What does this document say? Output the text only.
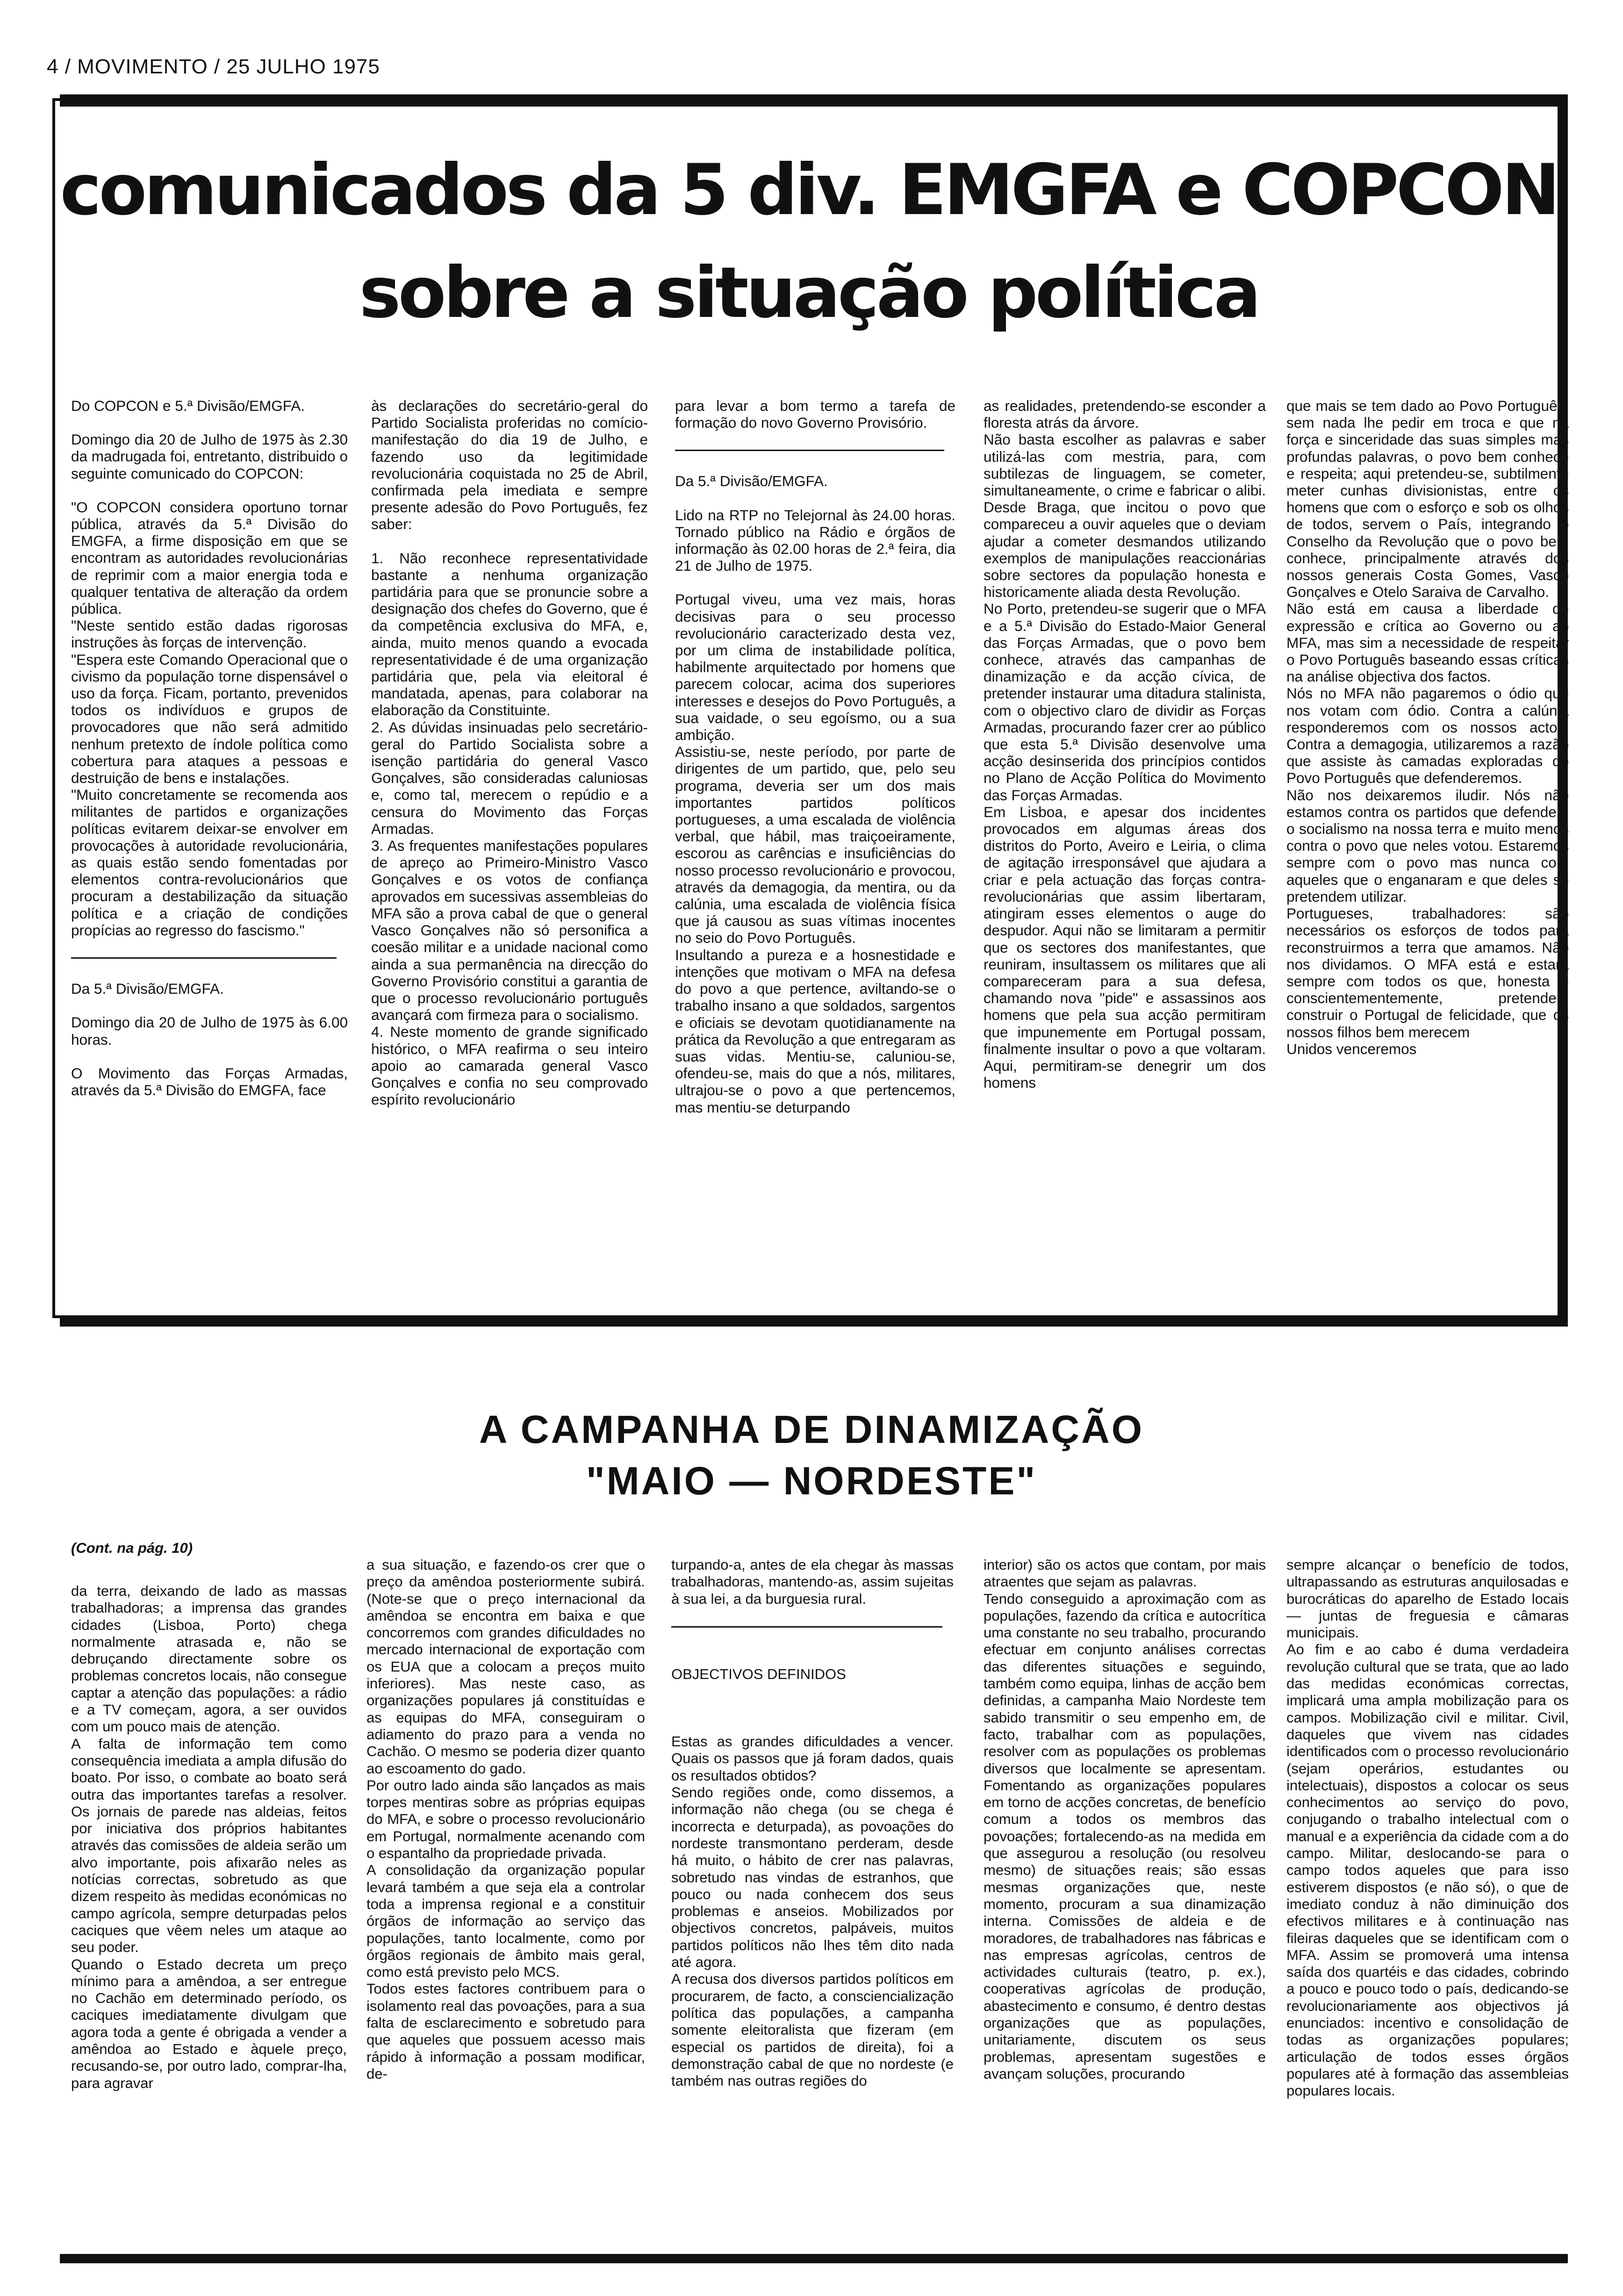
4 / MOVIMENTO / 25 JULHO 1975
comunicados da 5 div. EMGFA e COPCON
sobre a situação política

Do COPCON e 5.ª Divisão/EMGFA.

Domingo dia 20 de Julho de 1975 às 2.30 da madrugada foi, entretanto, distribuido o seguinte comunicado do COPCON:

"O COPCON considera oportuno tornar pública, através da 5.ª Divisão do EMGFA, a firme disposição em que se encontram as autoridades revolucionárias de reprimir com a maior energia toda e qualquer tentativa de alteração da ordem pública.

"Neste sentido estão dadas rigorosas instruções às forças de intervenção.

"Espera este Comando Operacional que o civismo da população torne dispensável o uso da força. Ficam, portanto, prevenidos todos os indivíduos e grupos de provocadores que não será admitido nenhum pretexto de índole política como cobertura para ataques a pessoas e destruição de bens e instalações.

"Muito concretamente se recomenda aos militantes de partidos e organizações políticas evitarem deixar-se envolver em provocações à autoridade revolucionária, as quais estão sendo fomentadas por elementos contra-revolucionários que procuram a destabilização da situação política e a criação de condições propícias ao regresso do fascismo."

Da 5.ª Divisão/EMGFA.

Domingo dia 20 de Julho de 1975 às 6.00 horas.

O Movimento das Forças Armadas, através da 5.ª Divisão do EMGFA, face

às declarações do secretário-geral do Partido Socialista proferidas no comício-manifestação do dia 19 de Julho, e fazendo uso da legitimidade revolucionária coquistada no 25 de Abril, confirmada pela imediata e sempre presente adesão do Povo Português, fez saber:

1. Não reconhece representatividade bastante a nenhuma organização partidária para que se pronuncie sobre a designação dos chefes do Governo, que é da competência exclusiva do MFA, e, ainda, muito menos quando a evocada representatividade é de uma organização partidária que, pela via eleitoral é mandatada, apenas, para colaborar na elaboração da Constituinte.

2. As dúvidas insinuadas pelo secretário-geral do Partido Socialista sobre a isenção partidária do general Vasco Gonçalves, são consideradas caluniosas e, como tal, merecem o repúdio e a censura do Movimento das Forças Armadas.

3. As frequentes manifestações populares de apreço ao Primeiro-Ministro Vasco Gonçalves e os votos de confiança aprovados em sucessivas assembleias do MFA são a prova cabal de que o general Vasco Gonçalves não só personifica a coesão militar e a unidade nacional como ainda a sua permanência na direcção do Governo Provisório constitui a garantia de que o processo revolucionário português avançará com firmeza para o socialismo.

4. Neste momento de grande significado histórico, o MFA reafirma o seu inteiro apoio ao camarada general Vasco Gonçalves e confia no seu comprovado espírito revolucionário

para levar a bom termo a tarefa de formação do novo Governo Provisório.

Da 5.ª Divisão/EMGFA.

Lido na RTP no Telejornal às 24.00 horas. Tornado público na Rádio e órgãos de informação às 02.00 horas de 2.ª feira, dia 21 de Julho de 1975.

Portugal viveu, uma vez mais, horas decisivas para o seu processo revolucionário caracterizado desta vez, por um clima de instabilidade política, habilmente arquitectado por homens que parecem colocar, acima dos superiores interesses e desejos do Povo Português, a sua vaidade, o seu egoísmo, ou a sua ambição.

Assistiu-se, neste período, por parte de dirigentes de um partido, que, pelo seu programa, deveria ser um dos mais importantes partidos políticos portugueses, a uma escalada de violência verbal, que hábil, mas traiçoeiramente, escorou as carências e insuficiências do nosso processo revolucionário e provocou, através da demagogia, da mentira, ou da calúnia, uma escalada de violência física que já causou as suas vítimas inocentes no seio do Povo Português.

Insultando a pureza e a hosnestidade e intenções que motivam o MFA na defesa do povo a que pertence, aviltando-se o trabalho insano a que soldados, sargentos e oficiais se devotam quotidianamente na prática da Revolução a que entregaram as suas vidas. Mentiu-se, caluniou-se, ofendeu-se, mais do que a nós, militares, ultrajou-se o povo a que pertencemos, mas mentiu-se deturpando

as realidades, pretendendo-se esconder a floresta atrás da árvore.

Não basta escolher as palavras e saber utilizá-las com mestria, para, com subtilezas de linguagem, se cometer, simultaneamente, o crime e fabricar o alibi. Desde Braga, que incitou o povo que compareceu a ouvir aqueles que o deviam ajudar a cometer desmandos utilizando exemplos de manipulações reaccionárias sobre sectores da população honesta e historicamente aliada desta Revolução.

No Porto, pretendeu-se sugerir que o MFA e a 5.ª Divisão do Estado-Maior General das Forças Armadas, que o povo bem conhece, através das campanhas de dinamização e da acção cívica, de pretender instaurar uma ditadura stalinista, com o objectivo claro de dividir as Forças Armadas, procurando fazer crer ao público que esta 5.ª Divisão desenvolve uma acção desinserida dos princípios contidos no Plano de Acção Política do Movimento das Forças Armadas.

Em Lisboa, e apesar dos incidentes provocados em algumas áreas dos distritos do Porto, Aveiro e Leiria, o clima de agitação irresponsável que ajudara a criar e pela actuação das forças contra-revolucionárias que assim libertaram, atingiram esses elementos o auge do despudor. Aqui não se limitaram a permitir que os sectores dos manifestantes, que reuniram, insultassem os militares que ali compareceram para a sua defesa, chamando nova "pide" e assassinos aos homens que pela sua acção permitiram que impunemente em Portugal possam, finalmente insultar o povo a que voltaram. Aqui, permitiram-se denegrir um dos homens

que mais se tem dado ao Povo Português, sem nada lhe pedir em troca e que na força e sinceridade das suas simples mas profundas palavras, o povo bem conhece e respeita; aqui pretendeu-se, subtilmente meter cunhas divisionistas, entre os homens que com o esforço e sob os olhos de todos, servem o País, integrando o Conselho da Revolução que o povo bem conhece, principalmente através dos nossos generais Costa Gomes, Vasco Gonçalves e Otelo Saraiva de Carvalho.

Não está em causa a liberdade de expressão e crítica ao Governo ou ao MFA, mas sim a necessidade de respeitar o Povo Português baseando essas críticas na análise objectiva dos factos.

Nós no MFA não pagaremos o ódio que nos votam com ódio. Contra a calúnia responderemos com os nossos actos. Contra a demagogia, utilizaremos a razão que assiste às camadas exploradas do Povo Português que defenderemos.

Não nos deixaremos iludir. Nós não estamos contra os partidos que defendem o socialismo na nossa terra e muito menos contra o povo que neles votou. Estaremos sempre com o povo mas nunca com aqueles que o enganaram e que deles se pretendem utilizar.

Portugueses, trabalhadores: são necessários os esforços de todos para reconstruirmos a terra que amamos. Não nos dividamos. O MFA está e estará sempre com todos os que, honesta e conscientementemente, pretendem construir o Portugal de felicidade, que os nossos filhos bem merecem

Unidos venceremos

A CAMPANHA DE DINAMIZAÇÃO
"MAIO — NORDESTE"

(Cont. na pág. 10)

da terra, deixando de lado as massas trabalhadoras; a imprensa das grandes cidades (Lisboa, Porto) chega normalmente atrasada e, não se debruçando directamente sobre os problemas concretos locais, não consegue captar a atenção das populações: a rádio e a TV começam, agora, a ser ouvidos com um pouco mais de atenção.

A falta de informação tem como consequência imediata a ampla difusão do boato. Por isso, o combate ao boato será outra das importantes tarefas a resolver. Os jornais de parede nas aldeias, feitos por iniciativa dos próprios habitantes através das comissões de aldeia serão um alvo importante, pois afixarão neles as notícias correctas, sobretudo as que dizem respeito às medidas económicas no campo agrícola, sempre deturpadas pelos caciques que vêem neles um ataque ao seu poder.

Quando o Estado decreta um preço mínimo para a amêndoa, a ser entregue no Cachão em determinado período, os caciques imediatamente divulgam que agora toda a gente é obrigada a vender a amêndoa ao Estado e àquele preço, recusando-se, por outro lado, comprar-lha, para agravar

a sua situação, e fazendo-os crer que o preço da amêndoa posteriormente subirá. (Note-se que o preço internacional da amêndoa se encontra em baixa e que concorremos com grandes dificuldades no mercado internacional de exportação com os EUA que a colocam a preços muito inferiores). Mas neste caso, as organizações populares já constituídas e as equipas do MFA, conseguiram o adiamento do prazo para a venda no Cachão. O mesmo se poderia dizer quanto ao escoamento do gado.

Por outro lado ainda são lançados as mais torpes mentiras sobre as próprias equipas do MFA, e sobre o processo revolucionário em Portugal, normalmente acenando com o espantalho da propriedade privada.

A consolidação da organização popular levará também a que seja ela a controlar toda a imprensa regional e a constituir órgãos de informação ao serviço das populações, tanto localmente, como por órgãos regionais de âmbito mais geral, como está previsto pelo MCS.

Todos estes factores contribuem para o isolamento real das povoações, para a sua falta de esclarecimento e sobretudo para que aqueles que possuem acesso mais rápido à informação a possam modificar, de-

turpando-a, antes de ela chegar às massas trabalhadoras, mantendo-as, assim sujeitas à sua lei, a da burguesia rural.

OBJECTIVOS DEFINIDOS

Estas as grandes dificuldades a vencer. Quais os passos que já foram dados, quais os resultados obtidos?

Sendo regiões onde, como dissemos, a informação não chega (ou se chega é incorrecta e deturpada), as povoações do nordeste transmontano perderam, desde há muito, o hábito de crer nas palavras, sobretudo nas vindas de estranhos, que pouco ou nada conhecem dos seus problemas e anseios. Mobilizados por objectivos concretos, palpáveis, muitos partidos políticos não lhes têm dito nada até agora.

A recusa dos diversos partidos políticos em procurarem, de facto, a consciencialização política das populações, a campanha somente eleitoralista que fizeram (em especial os partidos de direita), foi a demonstração cabal de que no nordeste (e também nas outras regiões do

interior) são os actos que contam, por mais atraentes que sejam as palavras.

Tendo conseguido a aproximação com as populações, fazendo da crítica e autocrítica uma constante no seu trabalho, procurando efectuar em conjunto análises correctas das diferentes situações e seguindo, também como equipa, linhas de acção bem definidas, a campanha Maio Nordeste tem sabido transmitir o seu empenho em, de facto, trabalhar com as populações, resolver com as populações os problemas diversos que localmente se apresentam. Fomentando as organizações populares em torno de acções concretas, de benefício comum a todos os membros das povoações; fortalecendo-as na medida em que assegurou a resolução (ou resolveu mesmo) de situações reais; são essas mesmas organizações que, neste momento, procuram a sua dinamização interna. Comissões de aldeia e de moradores, de trabalhadores nas fábricas e nas empresas agrícolas, centros de actividades culturais (teatro, p. ex.), cooperativas agrícolas de produção, abastecimento e consumo, é dentro destas organizações que as populações, unitariamente, discutem os seus problemas, apresentam sugestões e avançam soluções, procurando

sempre alcançar o benefício de todos, ultrapassando as estruturas anquilosadas e burocráticas do aparelho de Estado locais — juntas de freguesia e câmaras municipais.

Ao fim e ao cabo é duma verdadeira revolução cultural que se trata, que ao lado das medidas económicas correctas, implicará uma ampla mobilização para os campos. Mobilização civil e militar. Civil, daqueles que vivem nas cidades identificados com o processo revolucionário (sejam operários, estudantes ou intelectuais), dispostos a colocar os seus conhecimentos ao serviço do povo, conjugando o trabalho intelectual com o manual e a experiência da cidade com a do campo. Militar, deslocando-se para o campo todos aqueles que para isso estiverem dispostos (e não só), o que de imediato conduz à não diminuição dos efectivos militares e à continuação nas fileiras daqueles que se identificam com o MFA. Assim se promoverá uma intensa saída dos quartéis e das cidades, cobrindo a pouco e pouco todo o país, dedicando-se revolucionariamente aos objectivos já enunciados: incentivo e consolidação de todas as organizações populares; articulação de todos esses órgãos populares até à formação das assembleias populares locais.
